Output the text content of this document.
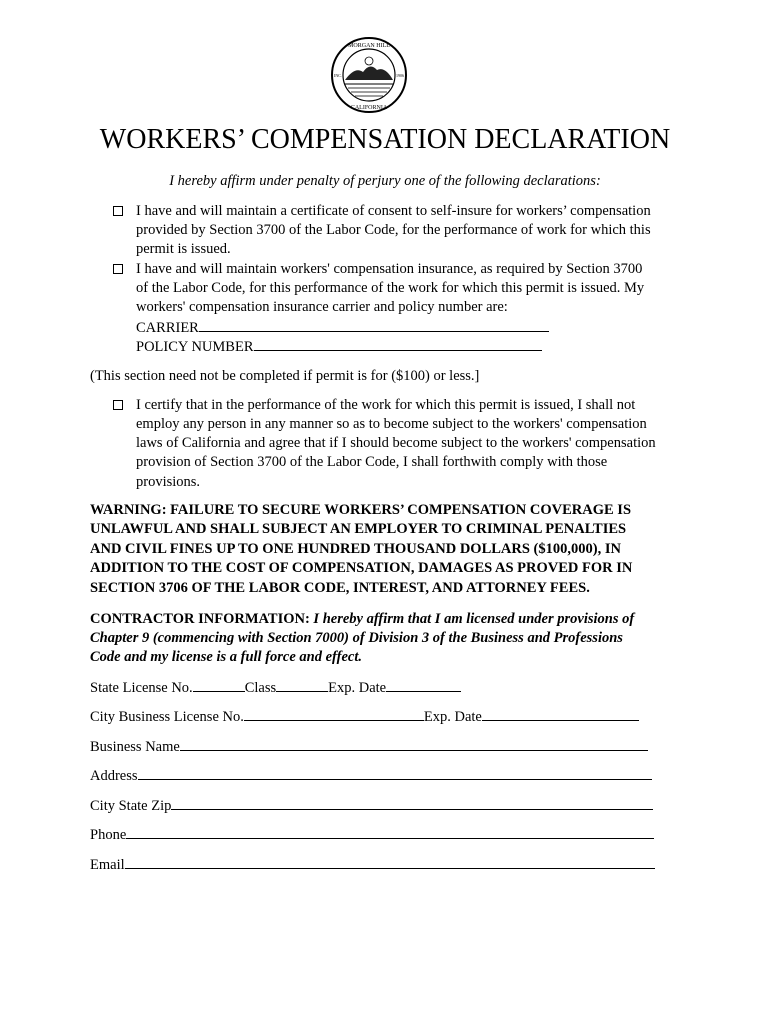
MORGAN HILL
CALIFORNIA
INC.	1906
WORKERS’ COMPENSATION DECLARATION
I hereby affirm under penalty of perjury one of the following declarations:
I have and will maintain a certificate of consent to self-insure for workers’ compensation
provided by Section 3700 of the Labor Code, for the performance of work for which this
permit is issued.
I have and will maintain workers' compensation insurance, as required by Section 3700
of the Labor Code, for this performance of the work for which this permit is issued. My
workers' compensation insurance carrier and policy number are:
CARRIER
POLICY NUMBER
(This section need not be completed if permit is for ($100) or less.]
I certify that in the performance of the work for which this permit is issued, I shall not
employ any person in any manner so as to become subject to the workers' compensation
laws of California and agree that if I should become subject to the workers' compensation
provision of Section 3700 of the Labor Code, I shall forthwith comply with those
provisions.
WARNING: FAILURE TO SECURE WORKERS’ COMPENSATION COVERAGE IS
UNLAWFUL AND SHALL SUBJECT AN EMPLOYER TO CRIMINAL PENALTIES
AND CIVIL FINES UP TO ONE HUNDRED THOUSAND DOLLARS ($100,000), IN
ADDITION TO THE COST OF COMPENSATION, DAMAGES AS PROVED FOR IN
SECTION 3706 OF THE LABOR CODE, INTEREST, AND ATTORNEY FEES.
CONTRACTOR INFORMATION: I hereby affirm that I am licensed under provisions of
Chapter 9 (commencing with Section 7000) of Division 3 of the Business and Professions
Code and my license is a full force and effect.
State License No.	Class	Exp. Date
City Business License No.	Exp. Date
Business Name
Address
City State Zip
Phone
Email
